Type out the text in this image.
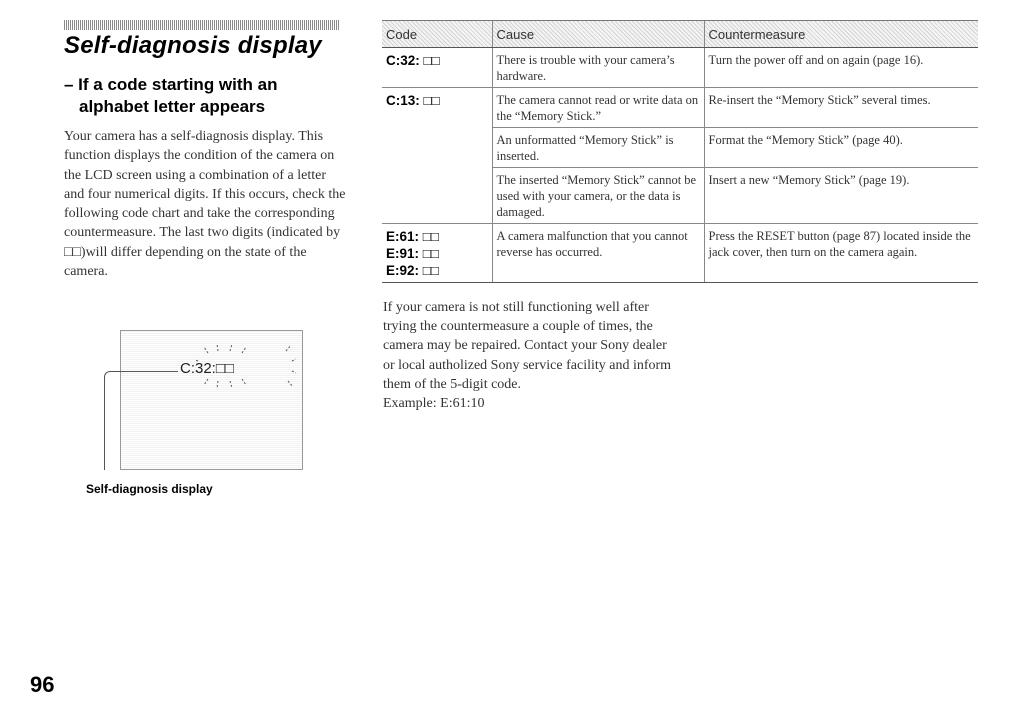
Self-diagnosis display
– If a code starting with an
alphabet letter appears
Your camera has a self-diagnosis display. This function displays the condition of the camera on the LCD screen using a combination of a letter and four numerical digits. If this occurs, check the following code chart and take the corresponding countermeasure. The last two digits (indicated by □□)will differ depending on the state of the camera.
C:32:□□
Self-diagnosis display
Code	Cause	Countermeasure
C:32: □□	There is trouble with your camera’s hardware.	Turn the power off and on again (page 16).
C:13: □□	The camera cannot read or write data on the “Memory Stick.”	Re-insert the “Memory Stick” several times.
	An unformatted “Memory Stick” is inserted.	Format the “Memory Stick” (page 40).
	The inserted “Memory Stick” cannot be used with your camera, or the data is damaged.	Insert a new “Memory Stick” (page 19).

E:61: □□
E:91: □□
E:92: □□	A camera malfunction that you cannot reverse has occurred.	Press the RESET button (page 87) located inside the jack cover, then turn on the camera again.
If your camera is not still functioning well after trying the countermeasure a couple of times, the camera may be repaired. Contact your Sony dealer or local autholized Sony service facility and inform them of the 5-digit code.
Example: E:61:10
96
